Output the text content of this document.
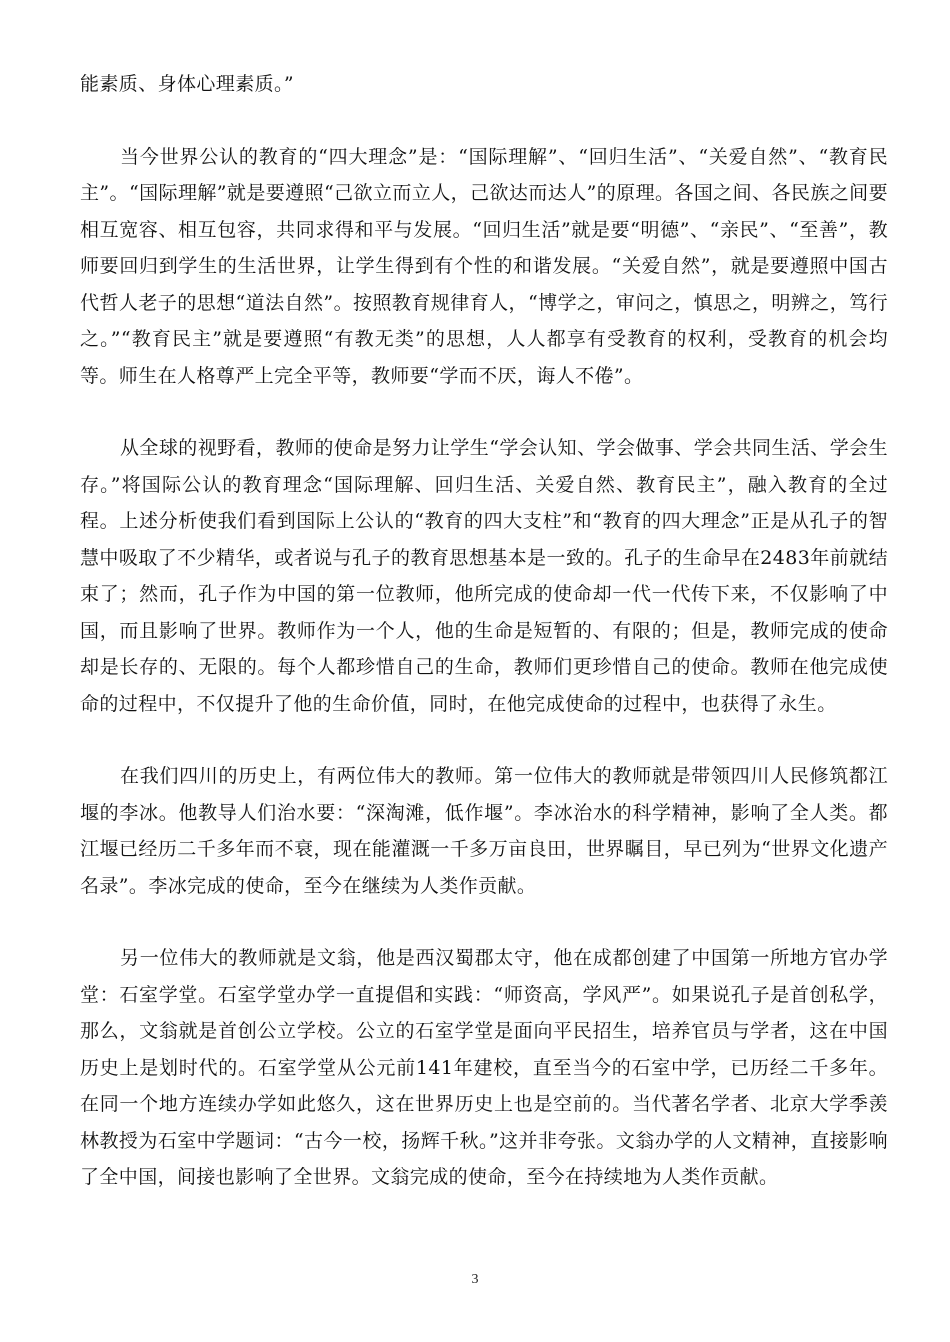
能素质、身体心理素质。”

当今世界公认的教育的“四大理念”是：“国际理解”、“回归生活”、“关爱自然”、“教育民主”。“国际理解”就是要遵照“己欲立而立人，己欲达而达人”的原理。各国之间、各民族之间要相互宽容、相互包容，共同求得和平与发展。“回归生活”就是要“明德”、“亲民”、“至善”，教师要回归到学生的生活世界，让学生得到有个性的和谐发展。“关爱自然”，就是要遵照中国古代哲人老子的思想“道法自然”。按照教育规律育人，“博学之，审问之，慎思之，明辨之，笃行之。”“教育民主”就是要遵照“有教无类”的思想，人人都享有受教育的权利，受教育的机会均等。师生在人格尊严上完全平等，教师要“学而不厌，诲人不倦”。

从全球的视野看，教师的使命是努力让学生“学会认知、学会做事、学会共同生活、学会生存。”将国际公认的教育理念“国际理解、回归生活、关爱自然、教育民主”，融入教育的全过程。上述分析使我们看到国际上公认的“教育的四大支柱”和“教育的四大理念”正是从孔子的智慧中吸取了不少精华，或者说与孔子的教育思想基本是一致的。孔子的生命早在2483年前就结束了；然而，孔子作为中国的第一位教师，他所完成的使命却一代一代传下来，不仅影响了中国，而且影响了世界。教师作为一个人，他的生命是短暂的、有限的；但是，教师完成的使命却是长存的、无限的。每个人都珍惜自己的生命，教师们更珍惜自己的使命。教师在他完成使命的过程中，不仅提升了他的生命价值，同时，在他完成使命的过程中，也获得了永生。

在我们四川的历史上，有两位伟大的教师。第一位伟大的教师就是带领四川人民修筑都江堰的李冰。他教导人们治水要：“深淘滩，低作堰”。李冰治水的科学精神，影响了全人类。都江堰已经历二千多年而不衰，现在能灌溉一千多万亩良田，世界瞩目，早已列为“世界文化遗产名录”。李冰完成的使命，至今在继续为人类作贡献。

另一位伟大的教师就是文翁，他是西汉蜀郡太守，他在成都创建了中国第一所地方官办学堂：石室学堂。石室学堂办学一直提倡和实践：“师资高，学风严”。如果说孔子是首创私学，那么，文翁就是首创公立学校。公立的石室学堂是面向平民招生，培养官员与学者，这在中国历史上是划时代的。石室学堂从公元前141年建校，直至当今的石室中学，已历经二千多年。在同一个地方连续办学如此悠久，这在世界历史上也是空前的。当代著名学者、北京大学季羡林教授为石室中学题词：“古今一校，扬辉千秋。”这并非夸张。文翁办学的人文精神，直接影响了全中国，间接也影响了全世界。文翁完成的使命，至今在持续地为人类作贡献。

3
